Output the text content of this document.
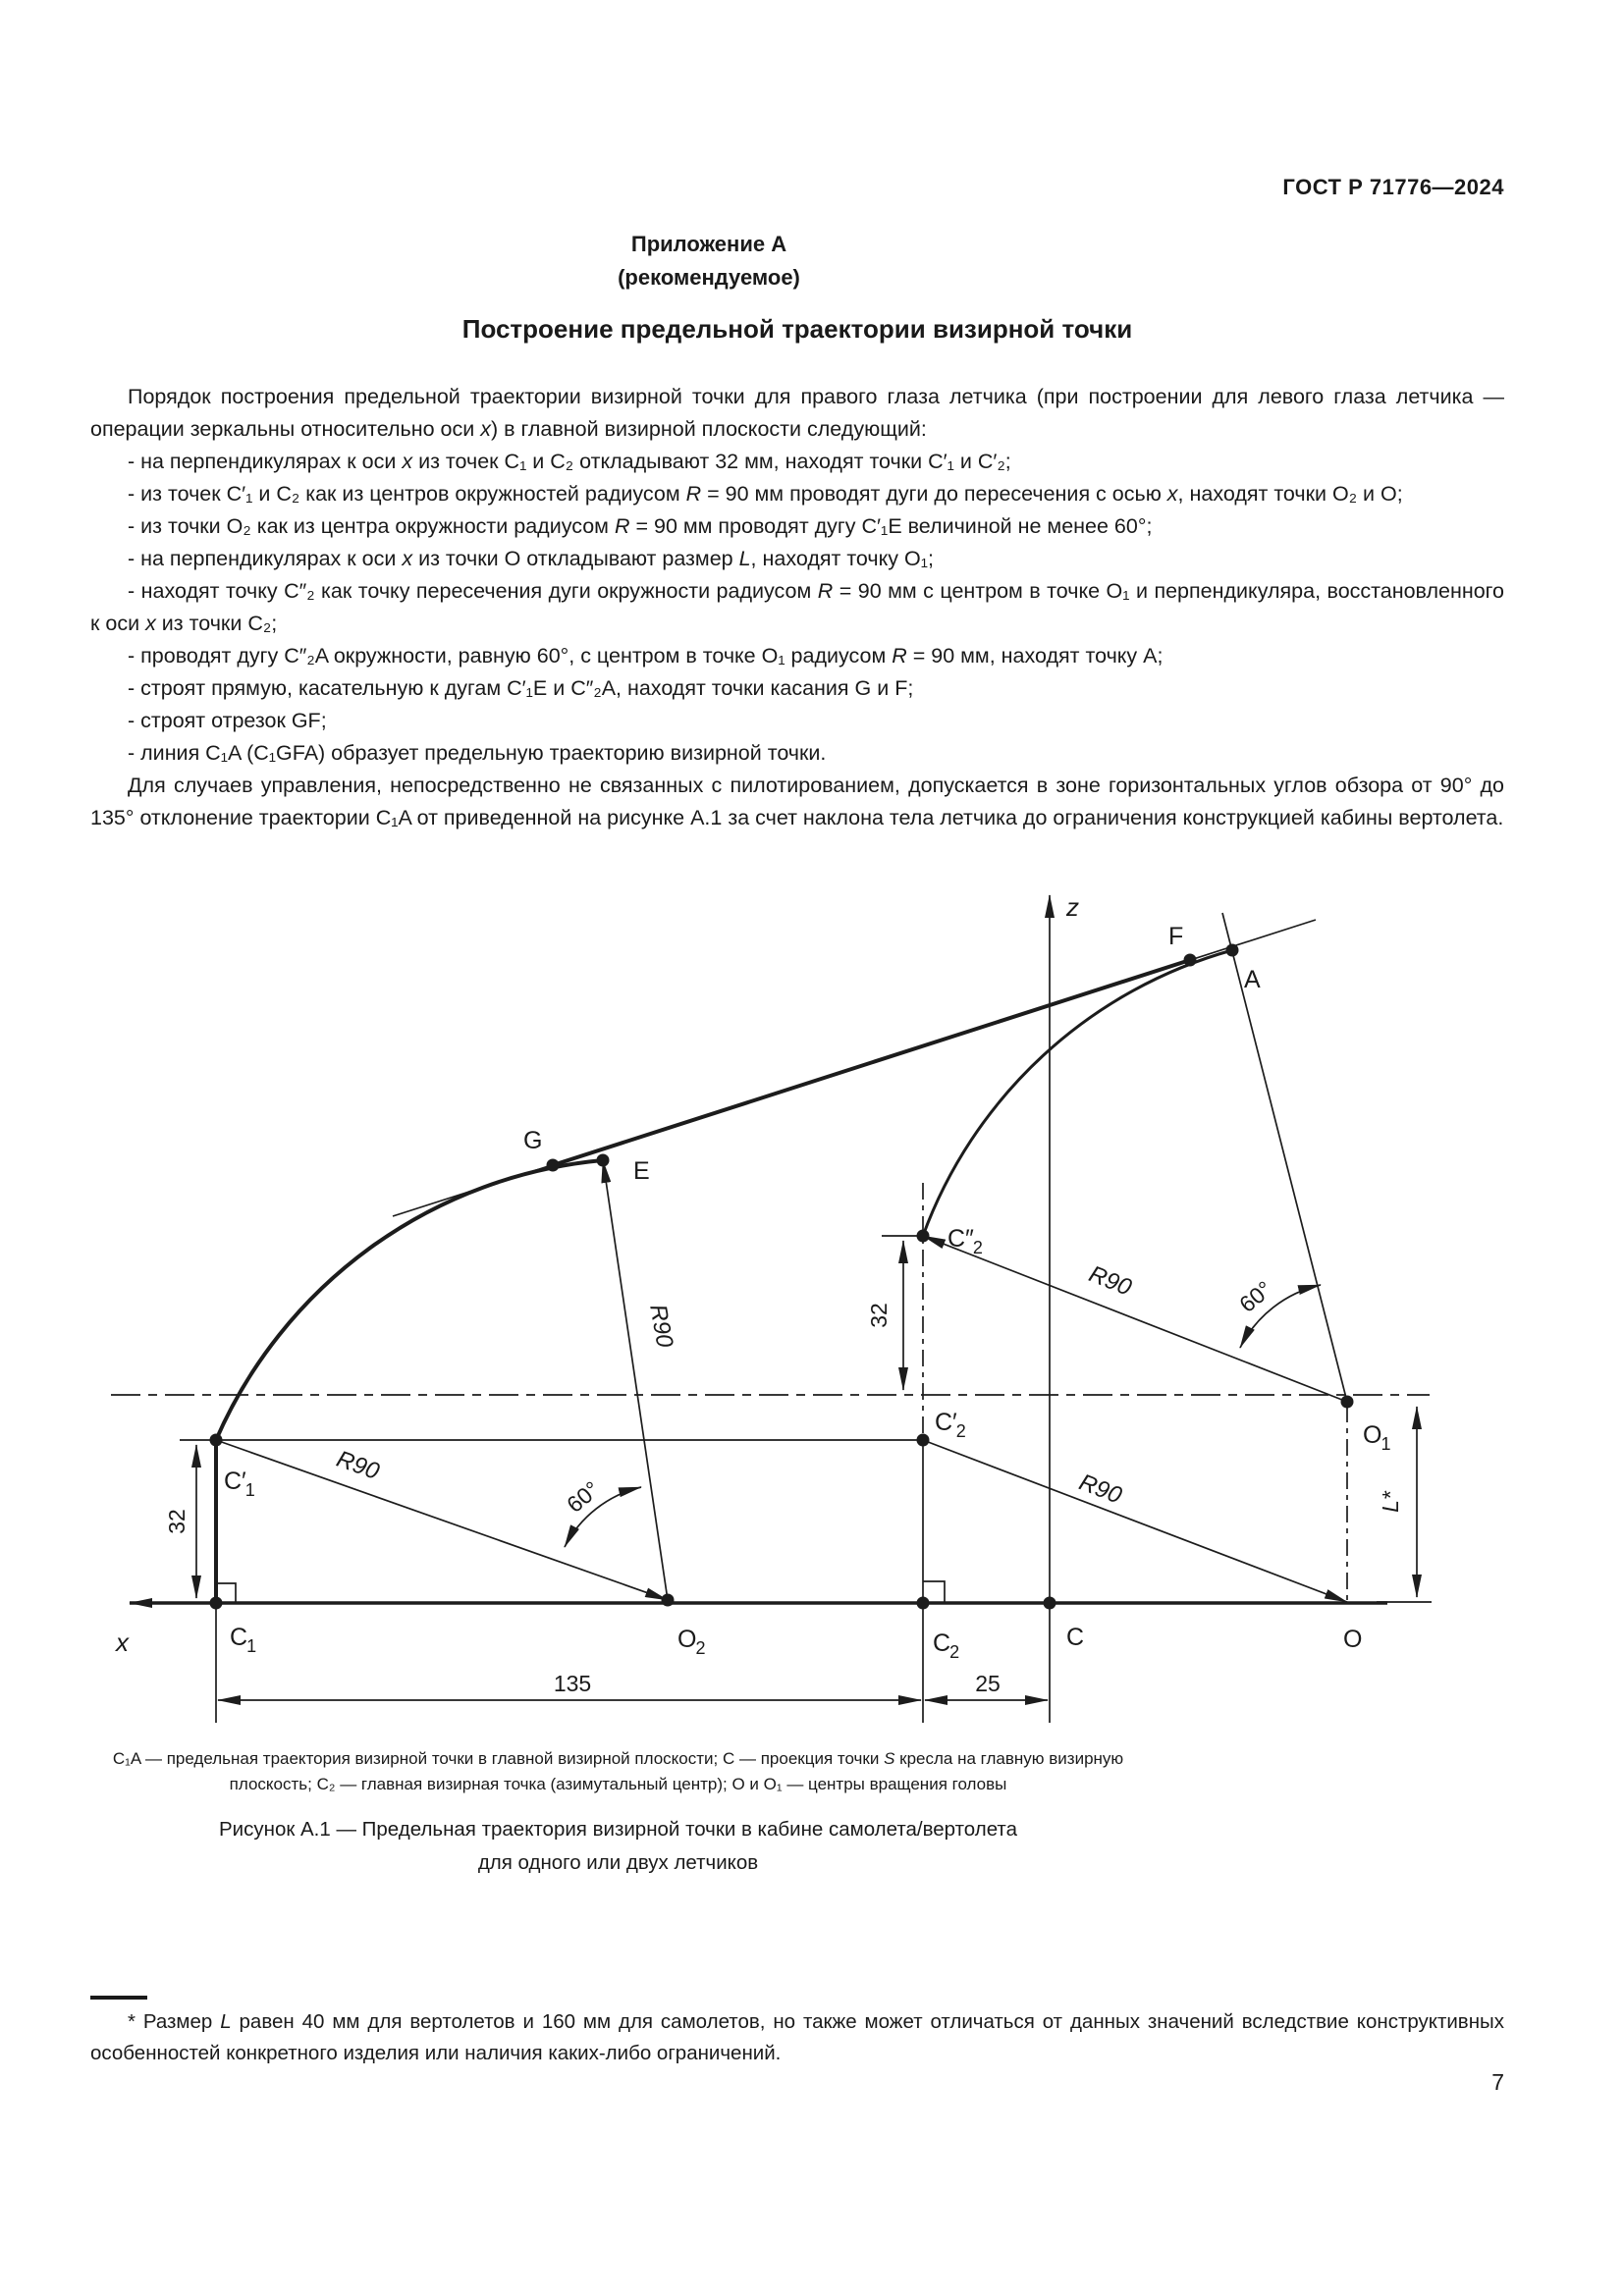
ГОСТ Р 71776—2024
Приложение А
(рекомендуемое)
Построение предельной траектории визирной точки

Порядок построения предельной траектории визирной точки для правого глаза летчика (при построении для левого глаза летчика — операции зеркальны относительно оси x) в главной визирной плоскости следующий:

- на перпендикулярах к оси x из точек C₁ и C₂ откладывают 32 мм, находят точки C′₁ и C′₂;

- из точек C′₁ и C₂ как из центров окружностей радиусом R = 90 мм проводят дуги до пересечения с осью x, находят точки O₂ и O;

- из точки O₂ как из центра окружности радиусом R = 90 мм проводят дугу C′₁E величиной не менее 60°;

- на перпендикулярах к оси x из точки O откладывают размер L, находят точку O₁;

- находят точку C″₂ как точку пересечения дуги окружности радиусом R = 90 мм с центром в точке O₁ и перпендикуляра, восстановленного к оси x из точки C₂;

- проводят дугу C″₂A окружности, равную 60°, с центром в точке O₁ радиусом R = 90 мм, находят точку A;

- строят прямую, касательную к дугам C′₁E и C″₂A, находят точки касания G и F;

- строят отрезок GF;

- линия C₁A (C₁GFA) образует предельную траекторию визирной точки.

Для случаев управления, непосредственно не связанных с пилотированием, допускается в зоне горизонтальных углов обзора от 90° до 135° отклонение траектории C₁A от приведенной на рисунке А.1 за счет наклона тела летчика до ограничения конструкцией кабины вертолета.

z
x
G
E
F
A
C′1
C1	O2	C2
C′2
C″2
C	O
O1
R90
R90
R90
R90
60°
60°
32
32
L*
135	25
C₁A — предельная траектория визирной точки в главной визирной плоскости; C — проекция точки S кресла на главную визирную
плоскость; C₂ — главная визирная точка (азимутальный центр); O и O₁ — центры вращения головы
Рисунок А.1 — Предельная траектория визирной точки в кабине самолета/вертолета
для одного или двух летчиков

* Размер L равен 40 мм для вертолетов и 160 мм для самолетов, но также может отличаться от данных значений вследствие конструктивных особенностей конкретного изделия или наличия каких-либо ограничений.

7
